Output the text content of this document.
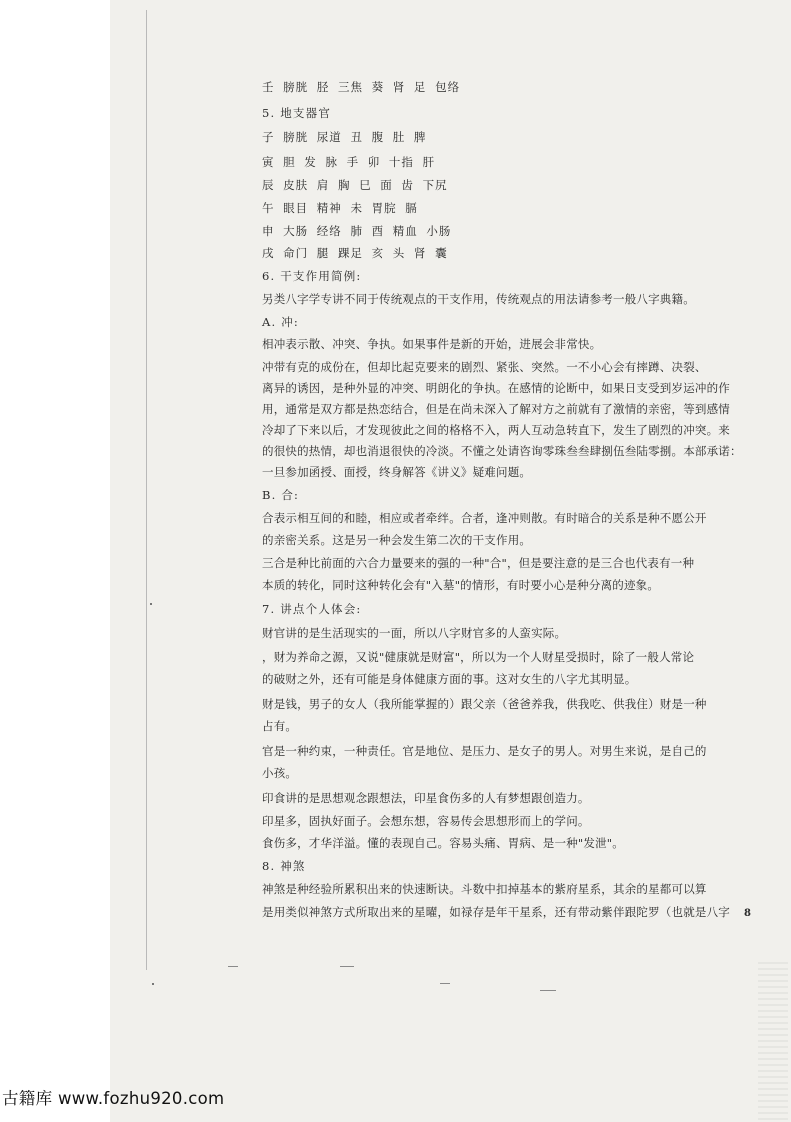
壬 膀胱 胫 三焦 葵 肾 足 包络
5. 地支器官
子 膀胱 尿道 丑 腹 肚 脾
寅 胆 发 脉 手 卯 十指 肝
辰 皮肤 肩 胸 巳 面 齿 下尻
午 眼目 精神 未 胃脘 膈
申 大肠 经络 肺 酉 精血 小肠
戌 命门 腿 踝足 亥 头 肾 囊
6. 干支作用简例:
另类八字学专讲不同于传统观点的干支作用，传统观点的用法请参考一般八字典籍。
A. 冲:
相冲表示散、冲突、争执。如果事件是新的开始，进展会非常快。
冲带有克的成份在，但却比起克要来的剧烈、紧张、突然。一不小心会有摔蹲、决裂、
离异的诱因，是种外显的冲突、明朗化的争执。在感情的论断中，如果日支受到岁运冲的作
用，通常是双方都是热恋结合，但是在尚未深入了解对方之前就有了激情的亲密，等到感情
冷却了下来以后，才发现彼此之间的格格不入，两人互动急转直下，发生了剧烈的冲突。来
的很快的热情，却也消退很快的冷淡。不懂之处请咨询零珠叁叁肆捌伍叁陆零捌。本部承诺：
一旦参加函授、面授，终身解答《讲义》疑难问题。
B. 合:
合表示相互间的和睦，相应或者牵绊。合者，逢冲则散。有时暗合的关系是种不愿公开
的亲密关系。这是另一种会发生第二次的干支作用。
三合是种比前面的六合力量要来的强的一种"合"，但是要注意的是三合也代表有一种
本质的转化，同时这种转化会有"入墓"的情形，有时要小心是种分离的迹象。
7. 讲点个人体会:
财官讲的是生活现实的一面，所以八字财官多的人蛮实际。
，财为养命之源，又说"健康就是财富"，所以为一个人财星受损时，除了一般人常论
的破财之外，还有可能是身体健康方面的事。这对女生的八字尤其明显。
财是钱，男子的女人（我所能掌握的）跟父亲（爸爸养我，供我吃、供我住）财是一种
占有。
官是一种约束，一种责任。官是地位、是压力、是女子的男人。对男生来说，是自己的
小孩。
印食讲的是思想观念跟想法，印星食伤多的人有梦想跟创造力。
印星多，固执好面子。会想东想，容易传会思想形而上的学问。
食伤多，才华洋溢。懂的表现自己。容易头痛、胃病、是一种"发泄"。
8. 神煞
神煞是种经验所累积出来的快速断诀。斗数中扣掉基本的紫府星系，其余的星都可以算
是用类似神煞方式所取出来的星曜，如禄存是年干星系，还有带动紫伴跟陀罗（也就是八字 8
古籍库 www.fozhu920.com
